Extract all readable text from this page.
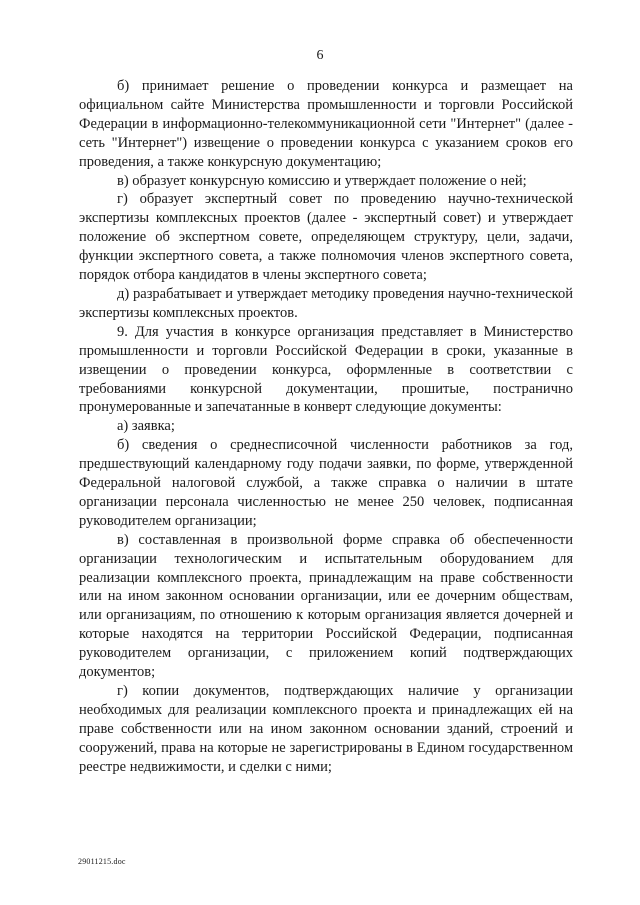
6

б) принимает решение о проведении конкурса и размещает на официальном сайте Министерства промышленности и торговли Российской Федерации в информационно-телекоммуникационной сети "Интернет" (далее - сеть "Интернет") извещение о проведении конкурса с указанием сроков его проведения, а также конкурсную документацию;

в) образует конкурсную комиссию и утверждает положение о ней;

г) образует экспертный совет по проведению научно-технической экспертизы комплексных проектов (далее - экспертный совет) и утверждает положение об экспертном совете, определяющем структуру, цели, задачи, функции экспертного совета, а также полномочия членов экспертного совета, порядок отбора кандидатов в члены экспертного совета;

д) разрабатывает и утверждает методику проведения научно-технической экспертизы комплексных проектов.

9. Для участия в конкурсе организация представляет в Министерство промышленности и торговли Российской Федерации в сроки, указанные в извещении о проведении конкурса, оформленные в соответствии с требованиями конкурсной документации, прошитые, постранично пронумерованные и запечатанные в конверт следующие документы:

а) заявка;

б) сведения о среднесписочной численности работников за год, предшествующий календарному году подачи заявки, по форме, утвержденной Федеральной налоговой службой, а также справка о наличии в штате организации персонала численностью не менее 250 человек, подписанная руководителем организации;

в) составленная в произвольной форме справка об обеспеченности организации технологическим и испытательным оборудованием для реализации комплексного проекта, принадлежащим на праве собственности или на ином законном основании организации, или ее дочерним обществам, или организациям, по отношению к которым организация является дочерней и которые находятся на территории Российской Федерации, подписанная руководителем организации, с приложением копий подтверждающих документов;

г) копии документов, подтверждающих наличие у организации необходимых для реализации комплексного проекта и принадлежащих ей на праве собственности или на ином законном основании зданий, строений и сооружений, права на которые не зарегистрированы в Едином государственном реестре недвижимости, и сделки с ними;

29011215.doc
